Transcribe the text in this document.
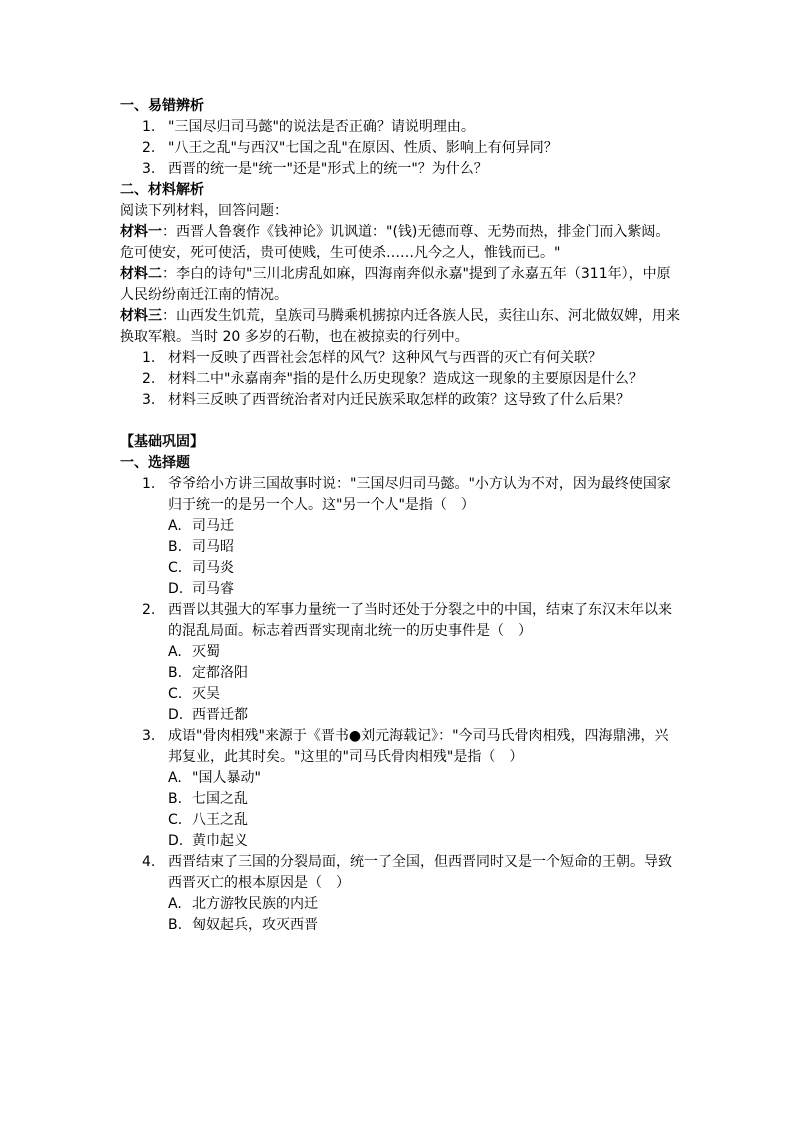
一、易错辨析
1. "三国尽归司马懿"的说法是否正确？请说明理由。
2. "八王之乱"与西汉"七国之乱"在原因、性质、影响上有何异同？
3. 西晋的统一是"统一"还是"形式上的统一"？为什么？
二、材料解析
阅读下列材料，回答问题：
材料一：西晋人鲁褒作《钱神论》讥讽道："(钱)无德而尊、无势而热，排金门而入紫闼。危可使安，死可使活，贵可使贱，生可使杀……凡今之人，惟钱而已。"
材料二：李白的诗句"三川北虏乱如麻，四海南奔似永嘉"提到了永嘉五年（311年），中原人民纷纷南迁江南的情况。
材料三：山西发生饥荒，皇族司马腾乘机掳掠内迁各族人民，卖往山东、河北做奴婢，用来换取军粮。当时 20 多岁的石勒，也在被掠卖的行列中。
1. 材料一反映了西晋社会怎样的风气？这种风气与西晋的灭亡有何关联？
2. 材料二中"永嘉南奔"指的是什么历史现象？造成这一现象的主要原因是什么？
3. 材料三反映了西晋统治者对内迁民族采取怎样的政策？这导致了什么后果？
【基础巩固】
一、选择题
1. 爷爷给小方讲三国故事时说："三国尽归司马懿。"小方认为不对，因为最终使国家归于统一的是另一个人。这"另一个人"是指（　）
A. 司马迁
B. 司马昭
C. 司马炎
D. 司马睿
2. 西晋以其强大的军事力量统一了当时还处于分裂之中的中国，结束了东汉末年以来的混乱局面。标志着西晋实现南北统一的历史事件是（　）
A. 灭蜀
B. 定都洛阳
C. 灭吴
D. 西晋迁都
3. 成语"骨肉相残"来源于《晋书●刘元海载记》："今司马氏骨肉相残，四海鼎沸，兴邦复业，此其时矣。"这里的"司马氏骨肉相残"是指（　）
A. "国人暴动"
B. 七国之乱
C. 八王之乱
D. 黄巾起义
4. 西晋结束了三国的分裂局面，统一了全国，但西晋同时又是一个短命的王朝。导致西晋灭亡的根本原因是（　）
A. 北方游牧民族的内迁
B. 匈奴起兵，攻灭西晋
